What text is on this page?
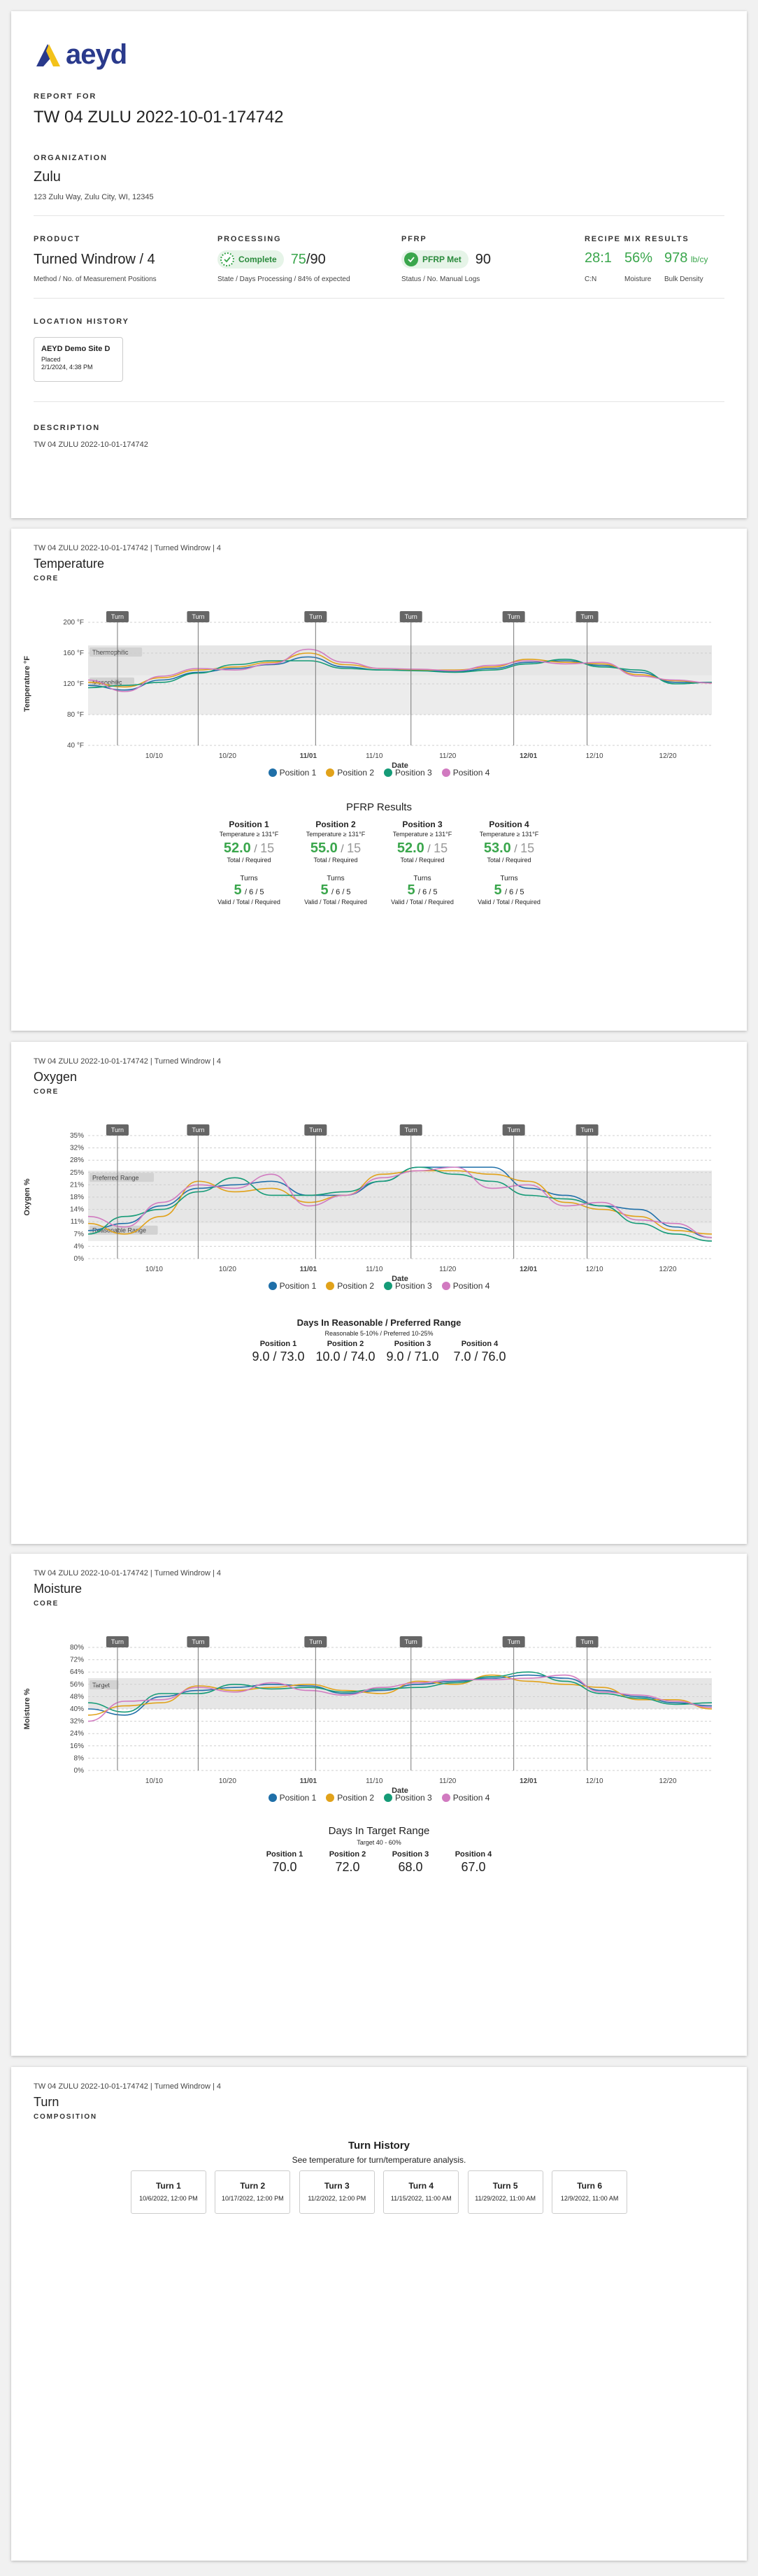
aeyd
REPORT FOR
TW 04 ZULU 2022-10-01-174742
ORGANIZATION
Zulu
123 Zulu Way, Zulu City, WI, 12345
PRODUCT
Turned Windrow / 4
Method / No. of Measurement Positions
PROCESSING
Complete 75 /90
State / Days Processing / 84% of expected
PFRP
PFRP Met 90
Status / No. Manual Logs
RECIPE MIX RESULTS
28:1
C:N
56%
Moisture
978 lb/cy
Bulk Density
LOCATION HISTORY
AEYD Demo Site D
Placed
2/1/2024, 4:38 PM
DESCRIPTION
TW 04 ZULU 2022-10-01-174742
TW 04 ZULU 2022-10-01-174742 | Turned Windrow | 4
Temperature
CORE
Thermophilic
Mesophilic
200 °F
160 °F
120 °F
80 °F
40 °F
Temperature °F
10/10	10/20	11/01	11/10	11/20	12/01	12/10	12/20
Date
Turn	Turn	Turn	Turn	Turn	Turn
Position 1	Position 2	Position 3	Position 4
PFRP Results
Position 1
Temperature ≥ 131°F
52.0 / 15
Total / Required
Turns
5 / 6 / 5
Valid / Total / Required
Position 2
Temperature ≥ 131°F
55.0 / 15
Total / Required
Turns
5 / 6 / 5
Valid / Total / Required
Position 3
Temperature ≥ 131°F
52.0 / 15
Total / Required
Turns
5 / 6 / 5
Valid / Total / Required
Position 4
Temperature ≥ 131°F
53.0 / 15
Total / Required
Turns
5 / 6 / 5
Valid / Total / Required
TW 04 ZULU 2022-10-01-174742 | Turned Windrow | 4
Oxygen
CORE
Preferred Range
Reasonable Range
35%
32%
28%
25%
21%
18%
14%
11%
7%
4%
0%
Oxygen %
10/10	10/20	11/01	11/10	11/20	12/01	12/10	12/20
Date
Turn	Turn	Turn	Turn	Turn	Turn
Position 1	Position 2	Position 3	Position 4
Days In Reasonable / Preferred Range
Reasonable 5-10% / Preferred 10-25%
Position 1
9.0 / 73.0
Position 2
10.0 / 74.0
Position 3
9.0 / 71.0
Position 4
7.0 / 76.0
TW 04 ZULU 2022-10-01-174742 | Turned Windrow | 4
Moisture
CORE
Target
80%
72%
64%
56%
48%
40%
32%
24%
16%
8%
0%
Moisture %
10/10	10/20	11/01	11/10	11/20	12/01	12/10	12/20
Date
Turn	Turn	Turn	Turn	Turn	Turn
Position 1	Position 2	Position 3	Position 4
Days In Target Range
Target 40 - 60%
Position 1
70.0
Position 2
72.0
Position 3
68.0
Position 4
67.0
TW 04 ZULU 2022-10-01-174742 | Turned Windrow | 4
Turn
COMPOSITION
Turn History
See temperature for turn/temperature analysis.
Turn 1
10/6/2022, 12:00 PM

Turn 2
10/17/2022, 12:00 PM

Turn 3
11/2/2022, 12:00 PM

Turn 4
11/15/2022, 11:00 AM

Turn 5
11/29/2022, 11:00 AM

Turn 6
12/9/2022, 11:00 AM
